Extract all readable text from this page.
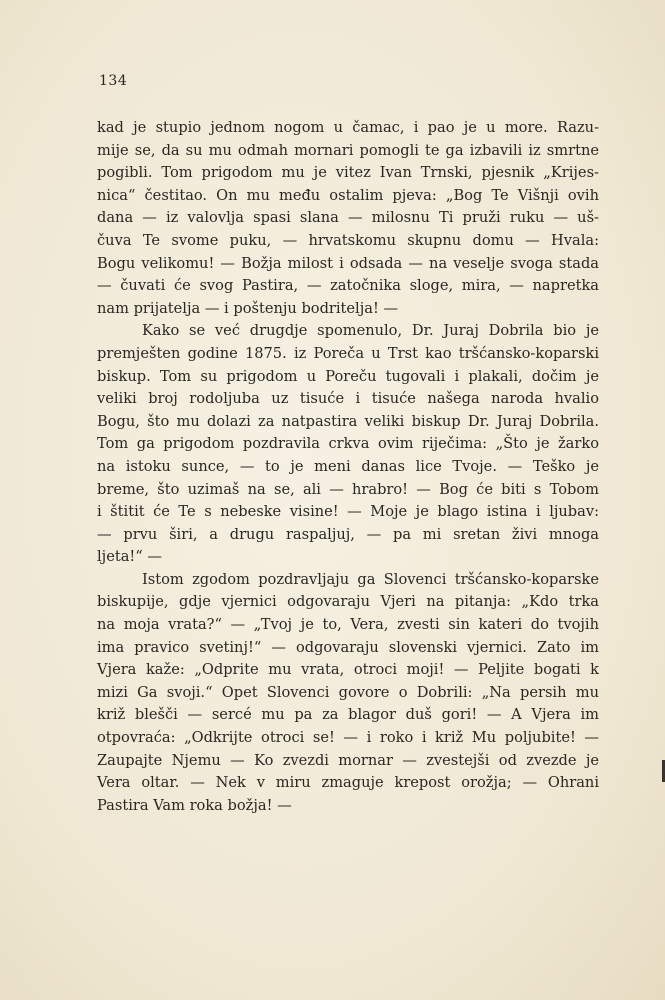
134
kad je stupio jednom nogom u čamac, i pao je u more. Razu-
mije se, da su mu odmah mornari pomogli te ga izbavili iz smrtne
pogibli. Tom prigodom mu je vitez Ivan Trnski, pjesnik „Krijes-
nica“ čestitao. On mu među ostalim pjeva: „Bog Te Višnji ovih
dana — iz valovlja spasi slana — milosnu Ti pruži ruku — uš-
čuva Te svome puku, — hrvatskomu skupnu domu — Hvala:
Bogu velikomu! — Božja milost i odsada — na veselje svoga stada
— čuvati će svog Pastira, — zatočnika sloge, mira, — napretka
nam prijatelja — i poštenju bodritelja! —
Kako se već drugdje spomenulo, Dr. Juraj Dobrila bio je
premješten godine 1875. iz Poreča u Trst kao tršćansko-koparski
biskup. Tom su prigodom u Poreču tugovali i plakali, dočim je
veliki broj rodoljuba uz tisuće i tisuće našega naroda hvalio
Bogu, što mu dolazi za natpastira veliki biskup Dr. Juraj Dobrila.
Tom ga prigodom pozdravila crkva ovim riječima: „Što je žarko
na istoku sunce, — to je meni danas lice Tvoje. — Teško je
breme, što uzimaš na se, ali — hrabro! — Bog će biti s Tobom
i štitit će Te s nebeske visine! — Moje je blago istina i ljubav:
— prvu širi, a drugu raspaljuj, — pa mi sretan živi mnoga
ljeta!“ —
Istom zgodom pozdravljaju ga Slovenci tršćansko-koparske
biskupije, gdje vjernici odgovaraju Vjeri na pitanja: „Kdo trka
na moja vrata?“ — „Tvoj je to, Vera, zvesti sin kateri do tvojih
ima pravico svetinj!“ — odgovaraju slovenski vjernici. Zato im
Vjera kaže: „Odprite mu vrata, otroci moji! — Peljite bogati k
mizi Ga svoji.“ Opet Slovenci govore o Dobrili: „Na persih mu
križ blešči — sercé mu pa za blagor duš gori! — A Vjera im
otpovraća: „Odkrijte otroci se! — i roko i križ Mu poljubite! —
Zaupajte Njemu — Ko zvezdi mornar — zvestejši od zvezde je
Vera oltar. — Nek v miru zmaguje krepost orožja; — Ohrani
Pastira Vam roka božja! —
